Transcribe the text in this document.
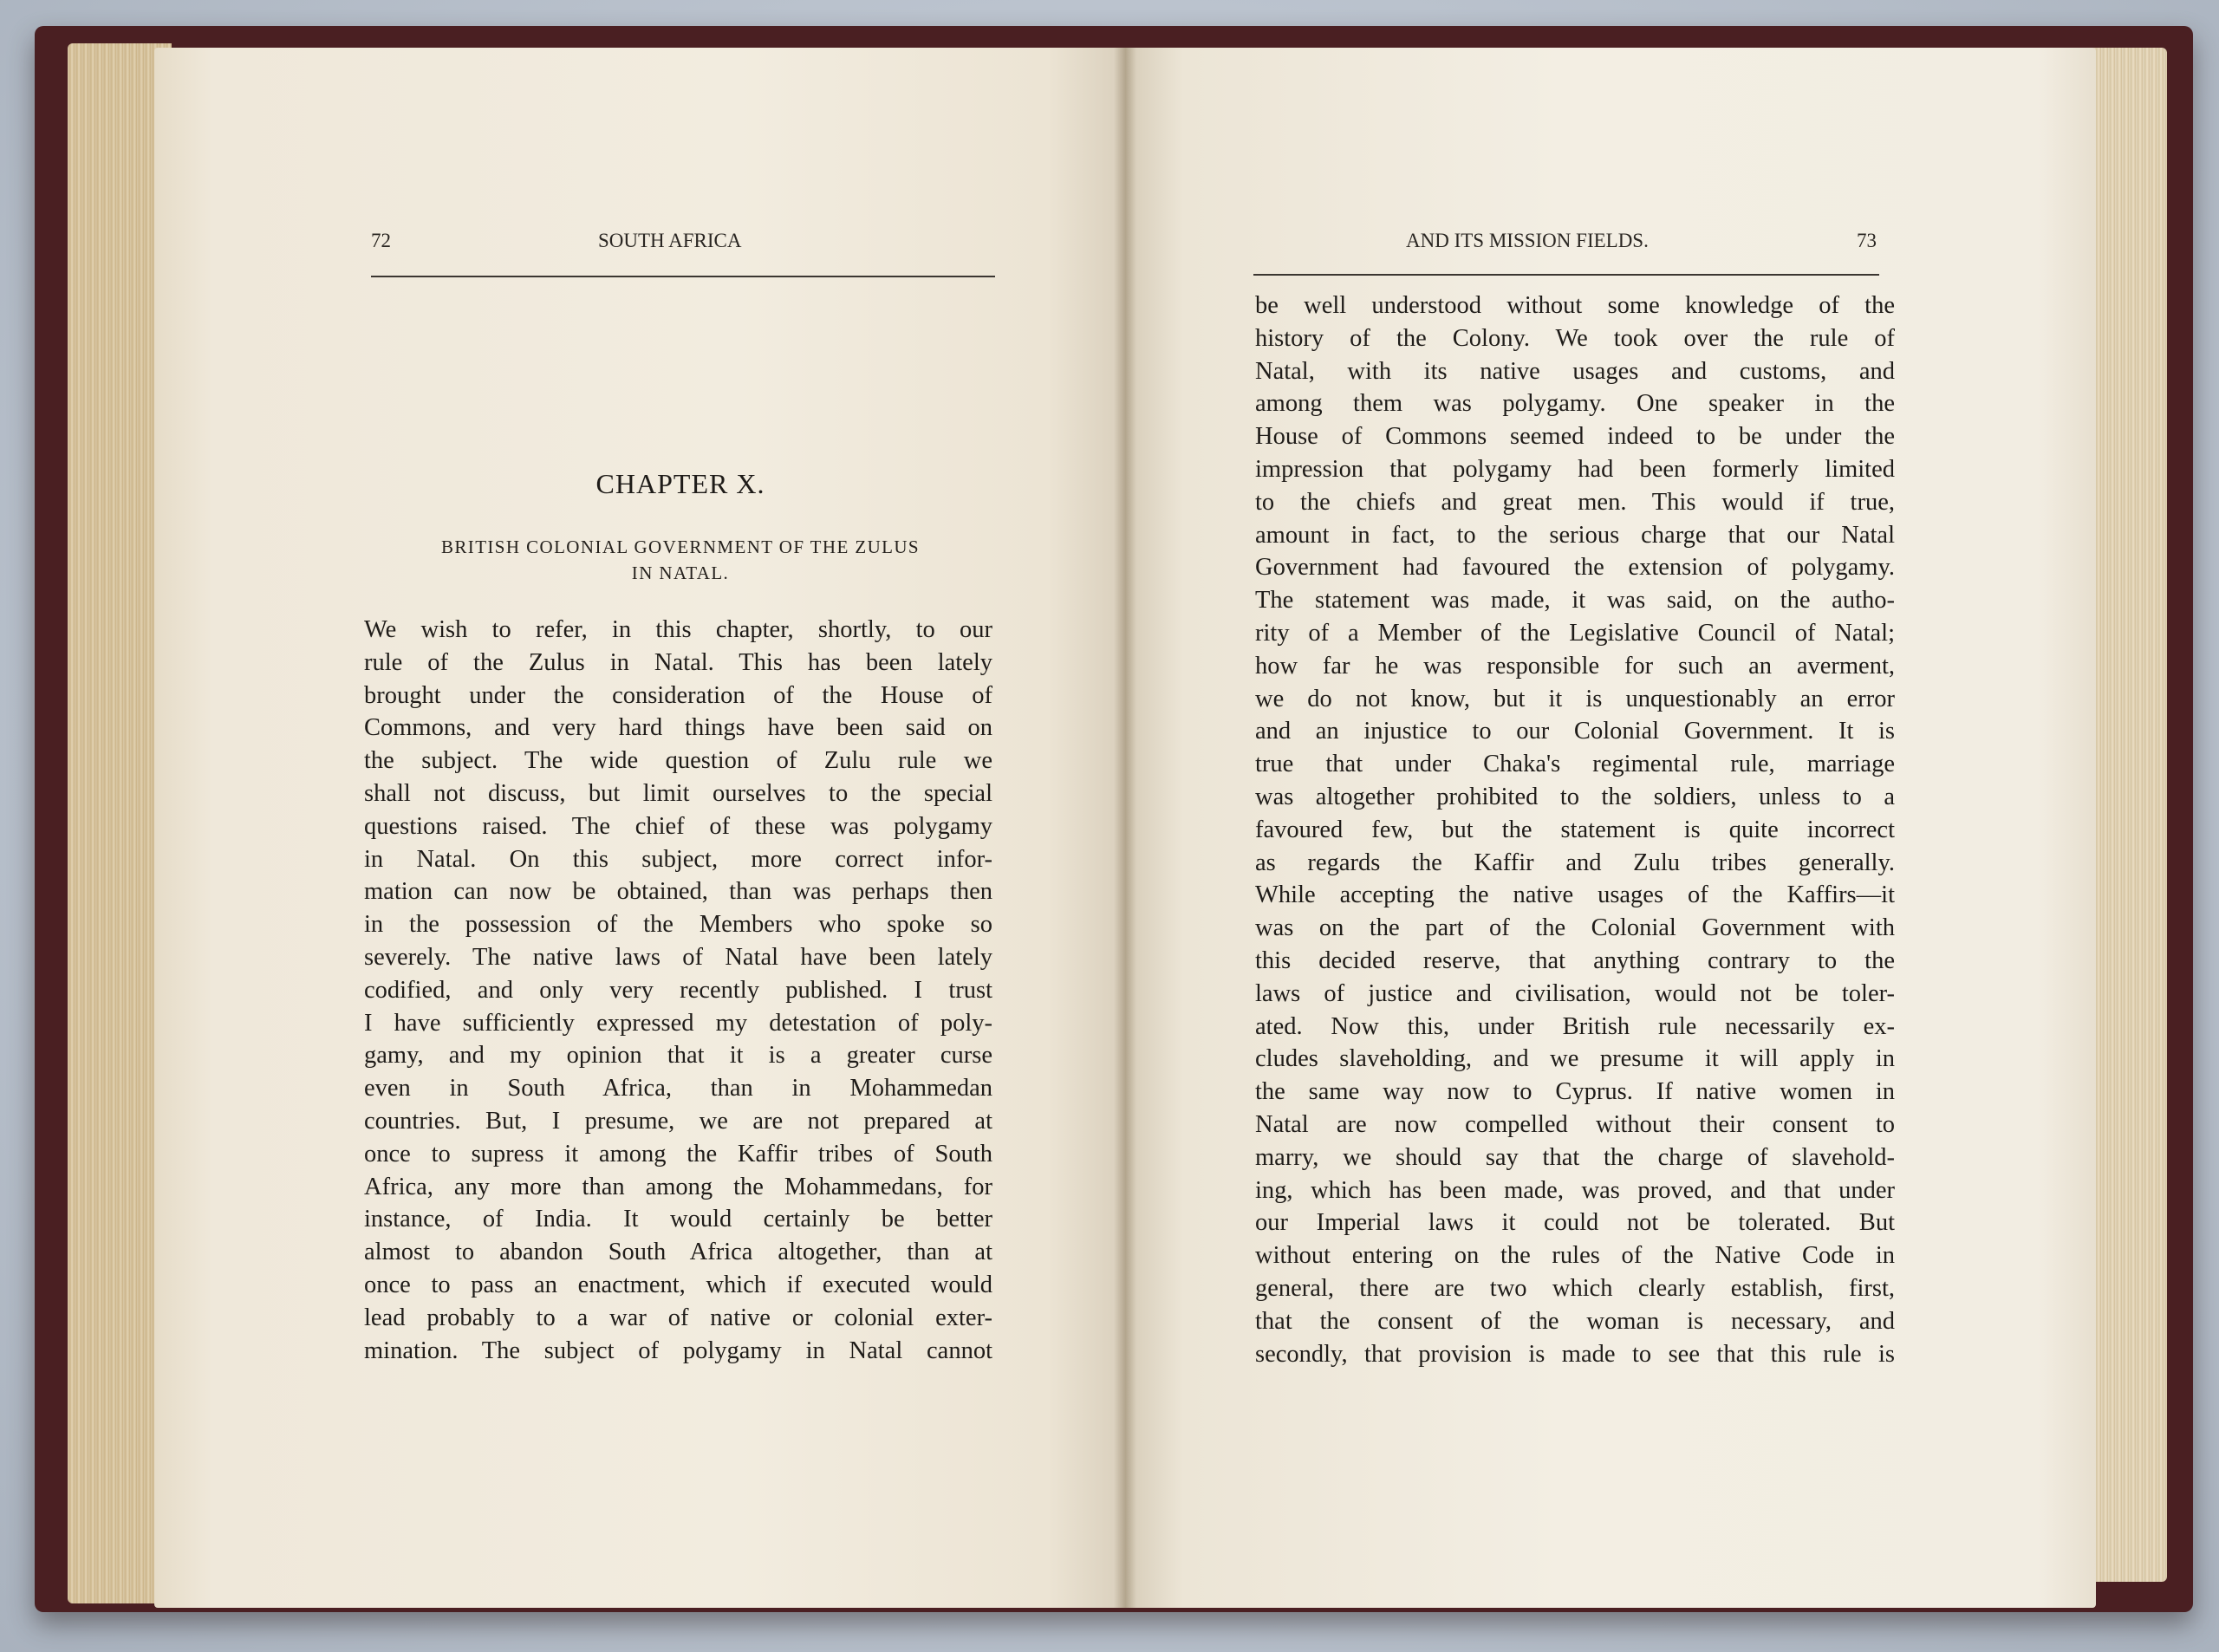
72	SOUTH AFRICA	AND ITS MISSION FIELDS.	73
CHAPTER X.
BRITISH COLONIAL GOVERNMENT OF THE ZULUS
IN NATAL.
We wish to refer, in this chapter, shortly, to our
rule of the Zulus in Natal. This has been lately
brought under the consideration of the House of
Commons, and very hard things have been said on
the subject. The wide question of Zulu rule we
shall not discuss, but limit ourselves to the special
questions raised. The chief of these was polygamy
in Natal. On this subject, more correct infor-
mation can now be obtained, than was perhaps then
in the possession of the Members who spoke so
severely. The native laws of Natal have been lately
codified, and only very recently published. I trust
I have sufficiently expressed my detestation of poly-
gamy, and my opinion that it is a greater curse
even in South Africa, than in Mohammedan
countries. But, I presume, we are not prepared at
once to supress it among the Kaffir tribes of South
Africa, any more than among the Mohammedans, for
instance, of India. It would certainly be better
almost to abandon South Africa altogether, than at
once to pass an enactment, which if executed would
lead probably to a war of native or colonial exter-
mination. The subject of polygamy in Natal cannot
be well understood without some knowledge of the
history of the Colony. We took over the rule of
Natal, with its native usages and customs, and
among them was polygamy. One speaker in the
House of Commons seemed indeed to be under the
impression that polygamy had been formerly limited
to the chiefs and great men. This would if true,
amount in fact, to the serious charge that our Natal
Government had favoured the extension of polygamy.
The statement was made, it was said, on the autho-
rity of a Member of the Legislative Council of Natal;
how far he was responsible for such an averment,
we do not know, but it is unquestionably an error
and an injustice to our Colonial Government. It is
true that under Chaka's regimental rule, marriage
was altogether prohibited to the soldiers, unless to a
favoured few, but the statement is quite incorrect
as regards the Kaffir and Zulu tribes generally.
While accepting the native usages of the Kaffirs—it
was on the part of the Colonial Government with
this decided reserve, that anything contrary to the
laws of justice and civilisation, would not be toler-
ated. Now this, under British rule necessarily ex-
cludes slaveholding, and we presume it will apply in
the same way now to Cyprus. If native women in
Natal are now compelled without their consent to
marry, we should say that the charge of slavehold-
ing, which has been made, was proved, and that under
our Imperial laws it could not be tolerated. But
without entering on the rules of the Native Code in
general, there are two which clearly establish, first,
that the consent of the woman is necessary, and
secondly, that provision is made to see that this rule is
